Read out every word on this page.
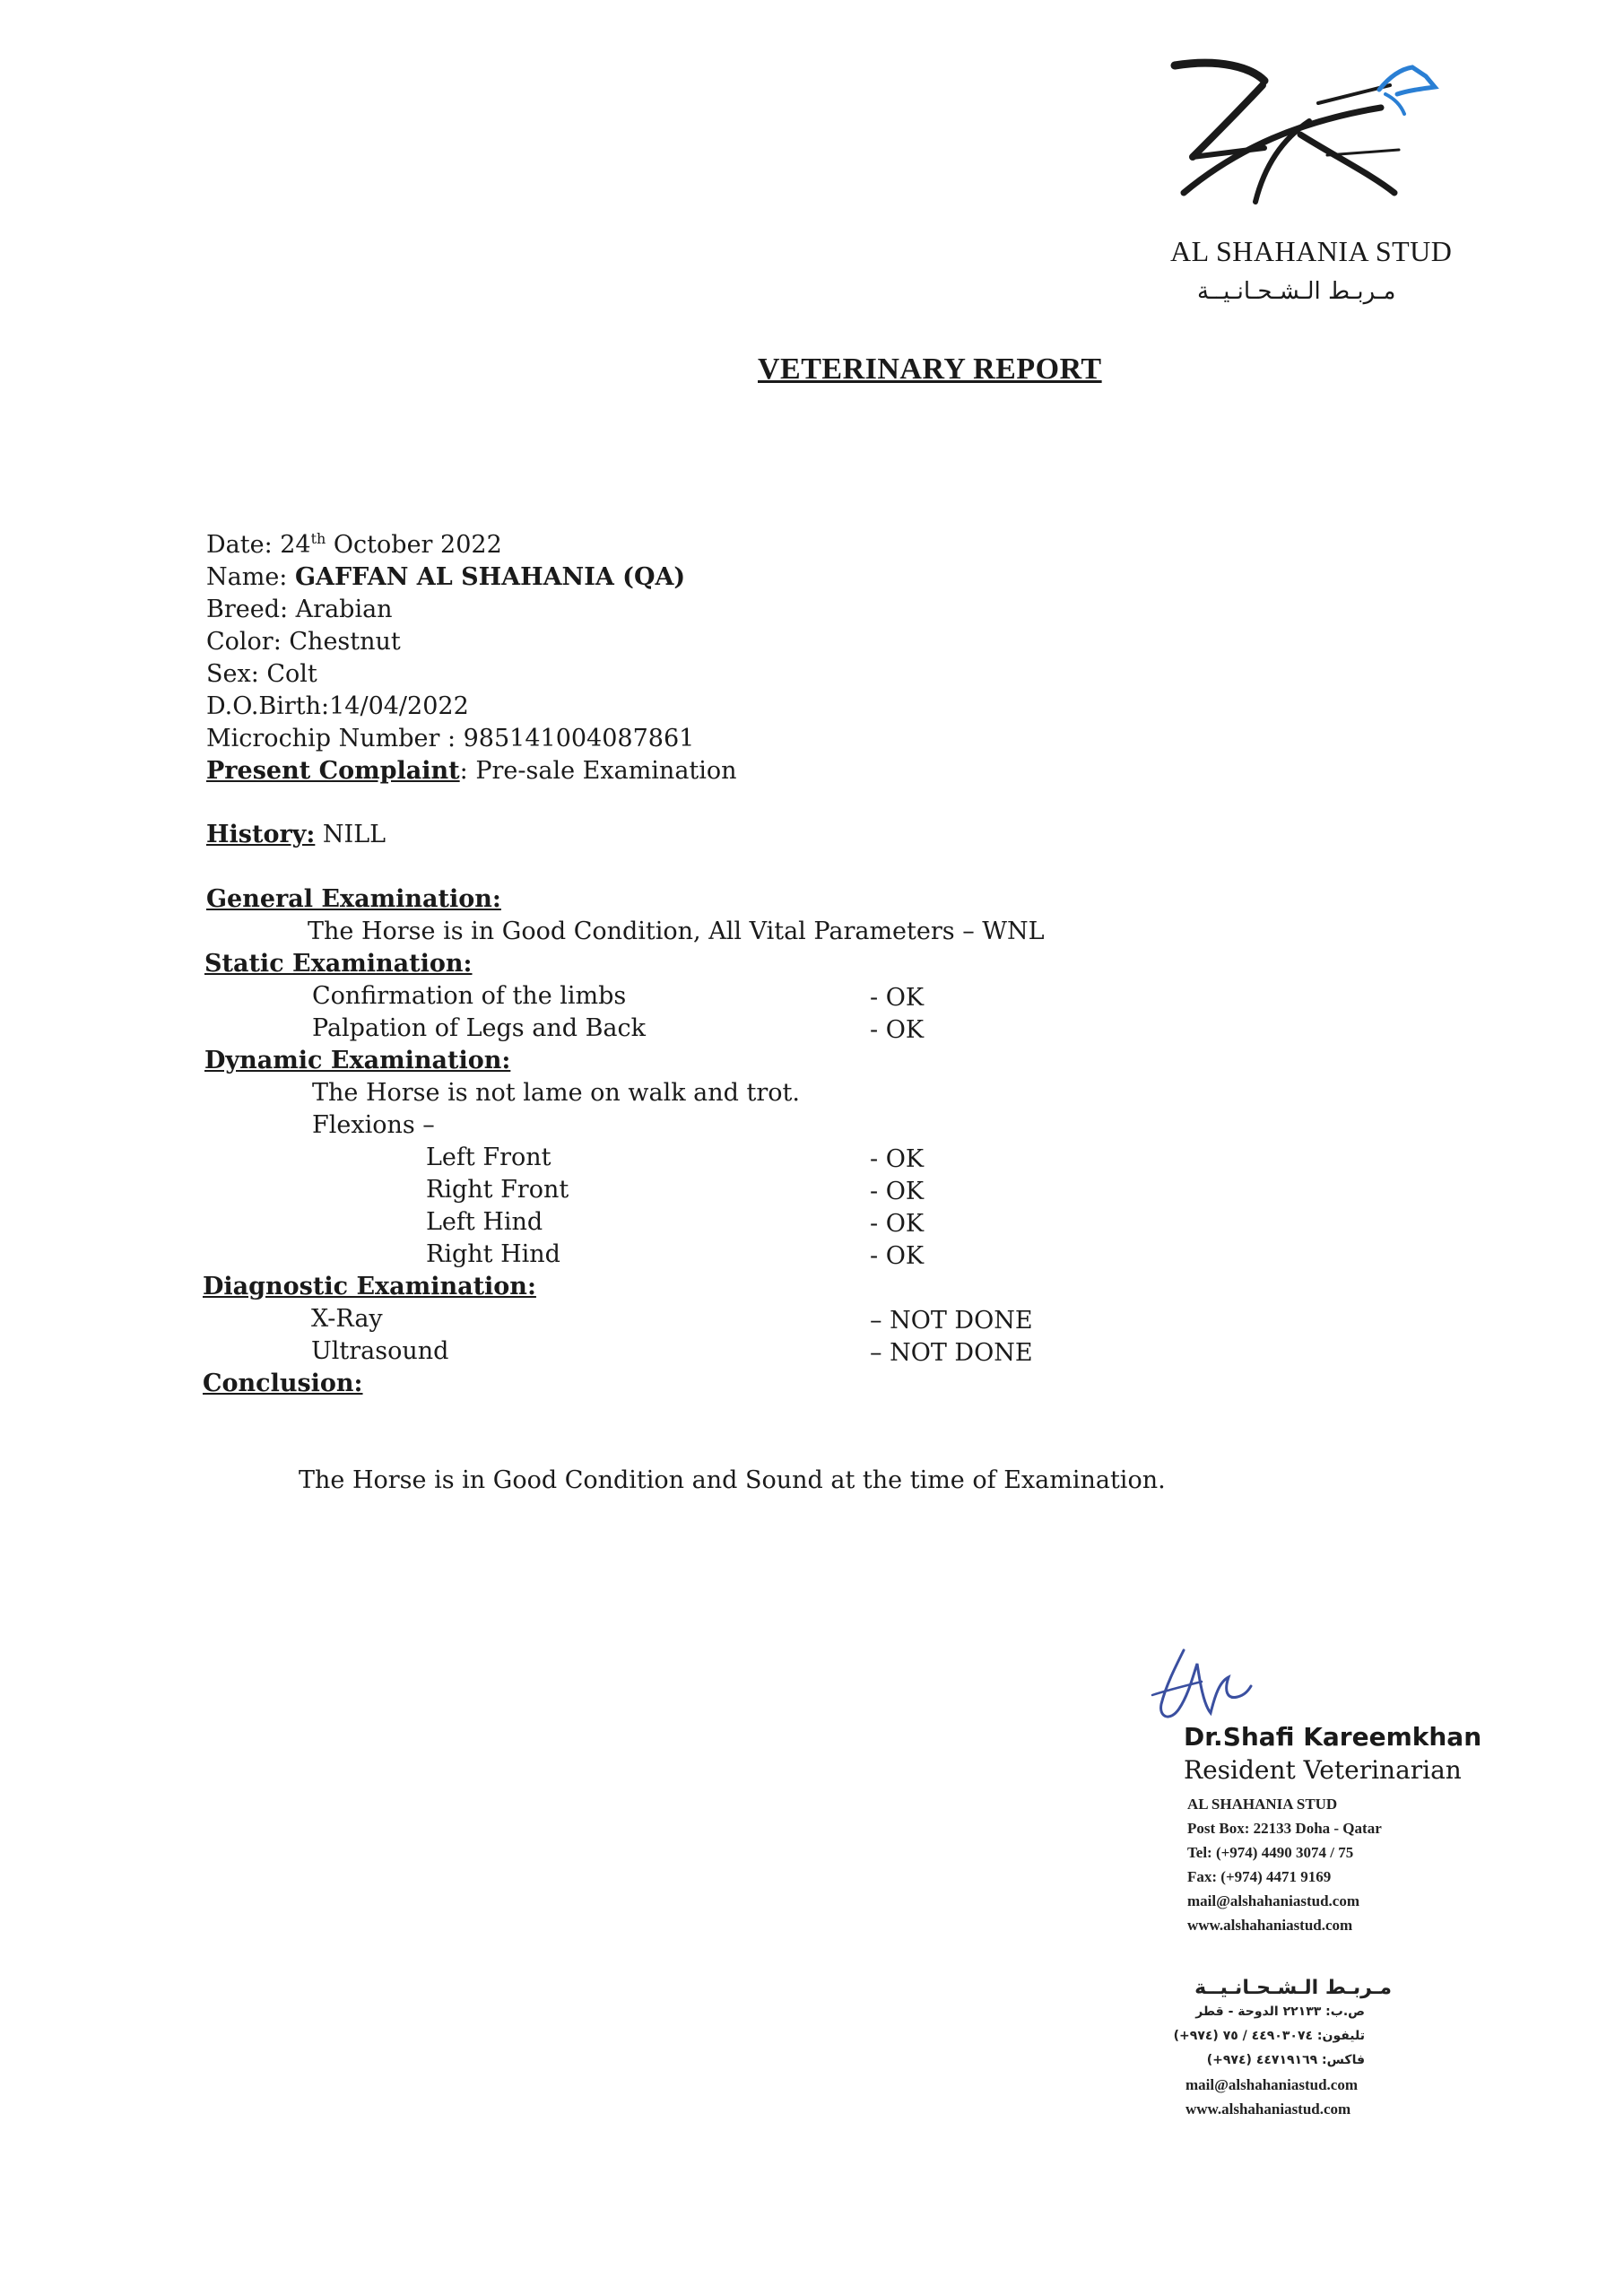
AL SHAHANIA STUD
مـربـط الـشـحـانـيــة
VETERINARY REPORT
Date: 24th October 2022
Name: GAFFAN AL SHAHANIA (QA)
Breed: Arabian
Color: Chestnut
Sex: Colt
D.O.Birth:14/04/2022
Microchip Number : 985141004087861
Present Complaint: Pre-sale Examination
History: NILL
General Examination:
The Horse is in Good Condition, All Vital Parameters – WNL
Static Examination:
Confirmation of the limbs	- OK
Palpation of Legs and Back	- OK
Dynamic Examination:
The Horse is not lame on walk and trot.
Flexions –
Left Front	- OK
Right Front	- OK
Left Hind	- OK
Right Hind	- OK
Diagnostic Examination:
X-Ray	– NOT DONE
Ultrasound	– NOT DONE
Conclusion:
The Horse is in Good Condition and Sound at the time of Examination.
Dr.Shafi Kareemkhan
Resident Veterinarian
AL SHAHANIA STUD
Post Box: 22133 Doha - Qatar
Tel: (+974) 4490 3074 / 75
Fax: (+974) 4471 9169
mail@alshahaniastud.com
www.alshahaniastud.com
مـربـط الـشـحـانـيــة
ص.ب: ٢٢١٣٣ الدوحة - قطر
تليفون: ٤٤٩٠٣٠٧٤ / ٧٥ (٩٧٤+)
فاكس: ٤٤٧١٩١٦٩ (٩٧٤+)
mail@alshahaniastud.com
www.alshahaniastud.com
